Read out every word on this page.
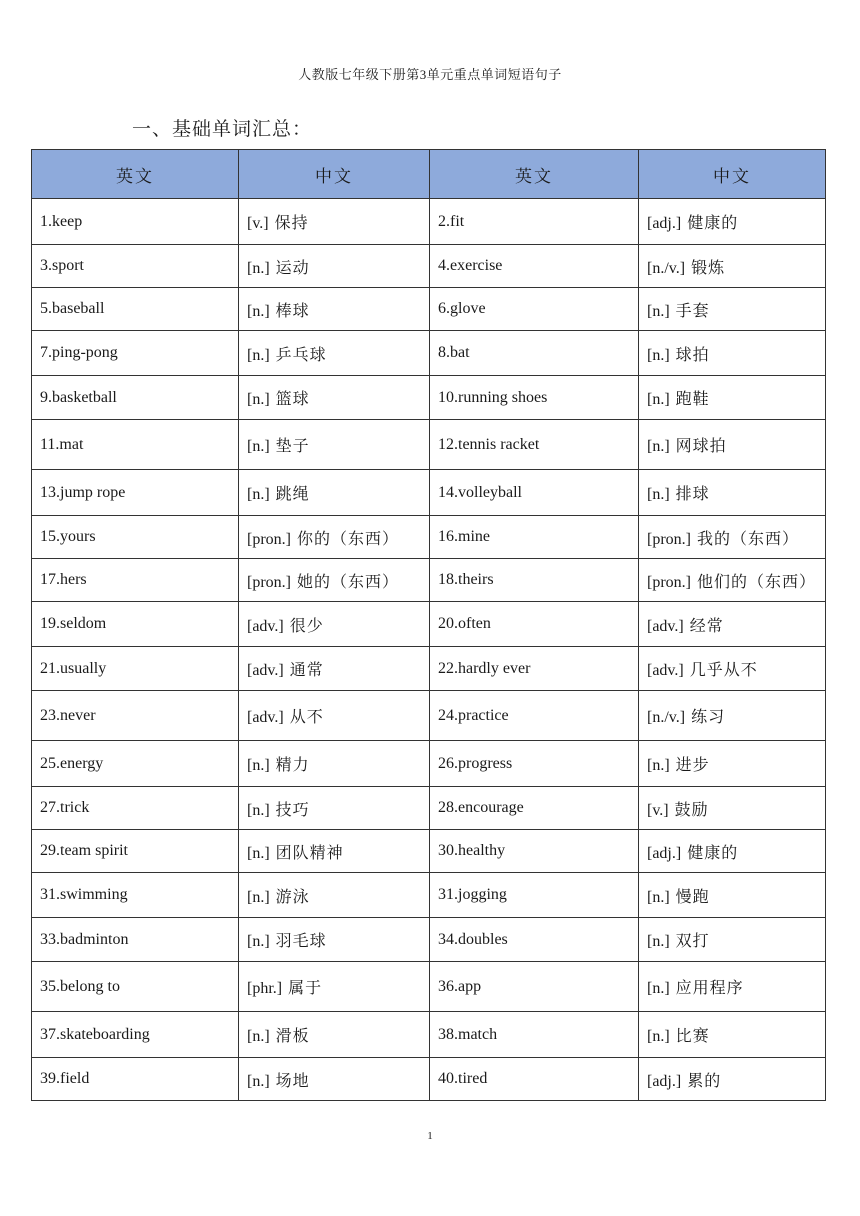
人教版七年级下册第3单元重点单词短语句子
一、基础单词汇总：
英文	中文	英文	中文
1.keep	[v.] 保持	2.fit	[adj.] 健康的
3.sport	[n.] 运动	4.exercise	[n./v.] 锻炼
5.baseball	[n.] 棒球	6.glove	[n.] 手套
7.ping-pong	[n.] 乒乓球	8.bat	[n.] 球拍
9.basketball	[n.] 篮球	10.running shoes	[n.] 跑鞋
11.mat	[n.] 垫子	12.tennis racket	[n.] 网球拍
13.jump rope	[n.] 跳绳	14.volleyball	[n.] 排球
15.yours	[pron.] 你的（东西）	16.mine	[pron.] 我的（东西）
17.hers	[pron.] 她的（东西）	18.theirs	[pron.] 他们的（东西）
19.seldom	[adv.] 很少	20.often	[adv.] 经常
21.usually	[adv.] 通常	22.hardly ever	[adv.] 几乎从不
23.never	[adv.] 从不	24.practice	[n./v.] 练习
25.energy	[n.] 精力	26.progress	[n.] 进步
27.trick	[n.] 技巧	28.encourage	[v.] 鼓励
29.team spirit	[n.] 团队精神	30.healthy	[adj.] 健康的
31.swimming	[n.] 游泳	31.jogging	[n.] 慢跑
33.badminton	[n.] 羽毛球	34.doubles	[n.] 双打
35.belong to	[phr.] 属于	36.app	[n.] 应用程序
37.skateboarding	[n.] 滑板	38.match	[n.] 比赛
39.field	[n.] 场地	40.tired	[adj.] 累的
1
